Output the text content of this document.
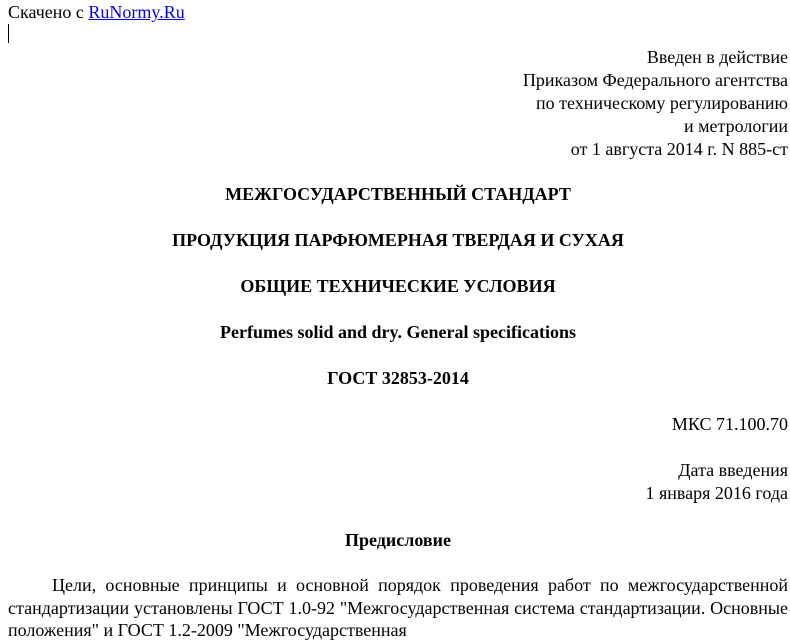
Скачено с RuNormy.Ru
Введен в действие
Приказом Федерального агентства
по техническому регулированию
и метрологии
от 1 августа 2014 г. N 885-ст
МЕЖГОСУДАРСТВЕННЫЙ СТАНДАРТ
ПРОДУКЦИЯ ПАРФЮМЕРНАЯ ТВЕРДАЯ И СУХАЯ
ОБЩИЕ ТЕХНИЧЕСКИЕ УСЛОВИЯ
Perfumes solid and dry. General specifications
ГОСТ 32853-2014
МКС 71.100.70
Дата введения
1 января 2016 года
Предисловие
Цели, основные принципы и основной порядок проведения работ по межгосударственной стандартизации установлены ГОСТ 1.0-92 "Межгосударственная система стандартизации. Основные положения" и ГОСТ 1.2-2009 "Межгосударственная
